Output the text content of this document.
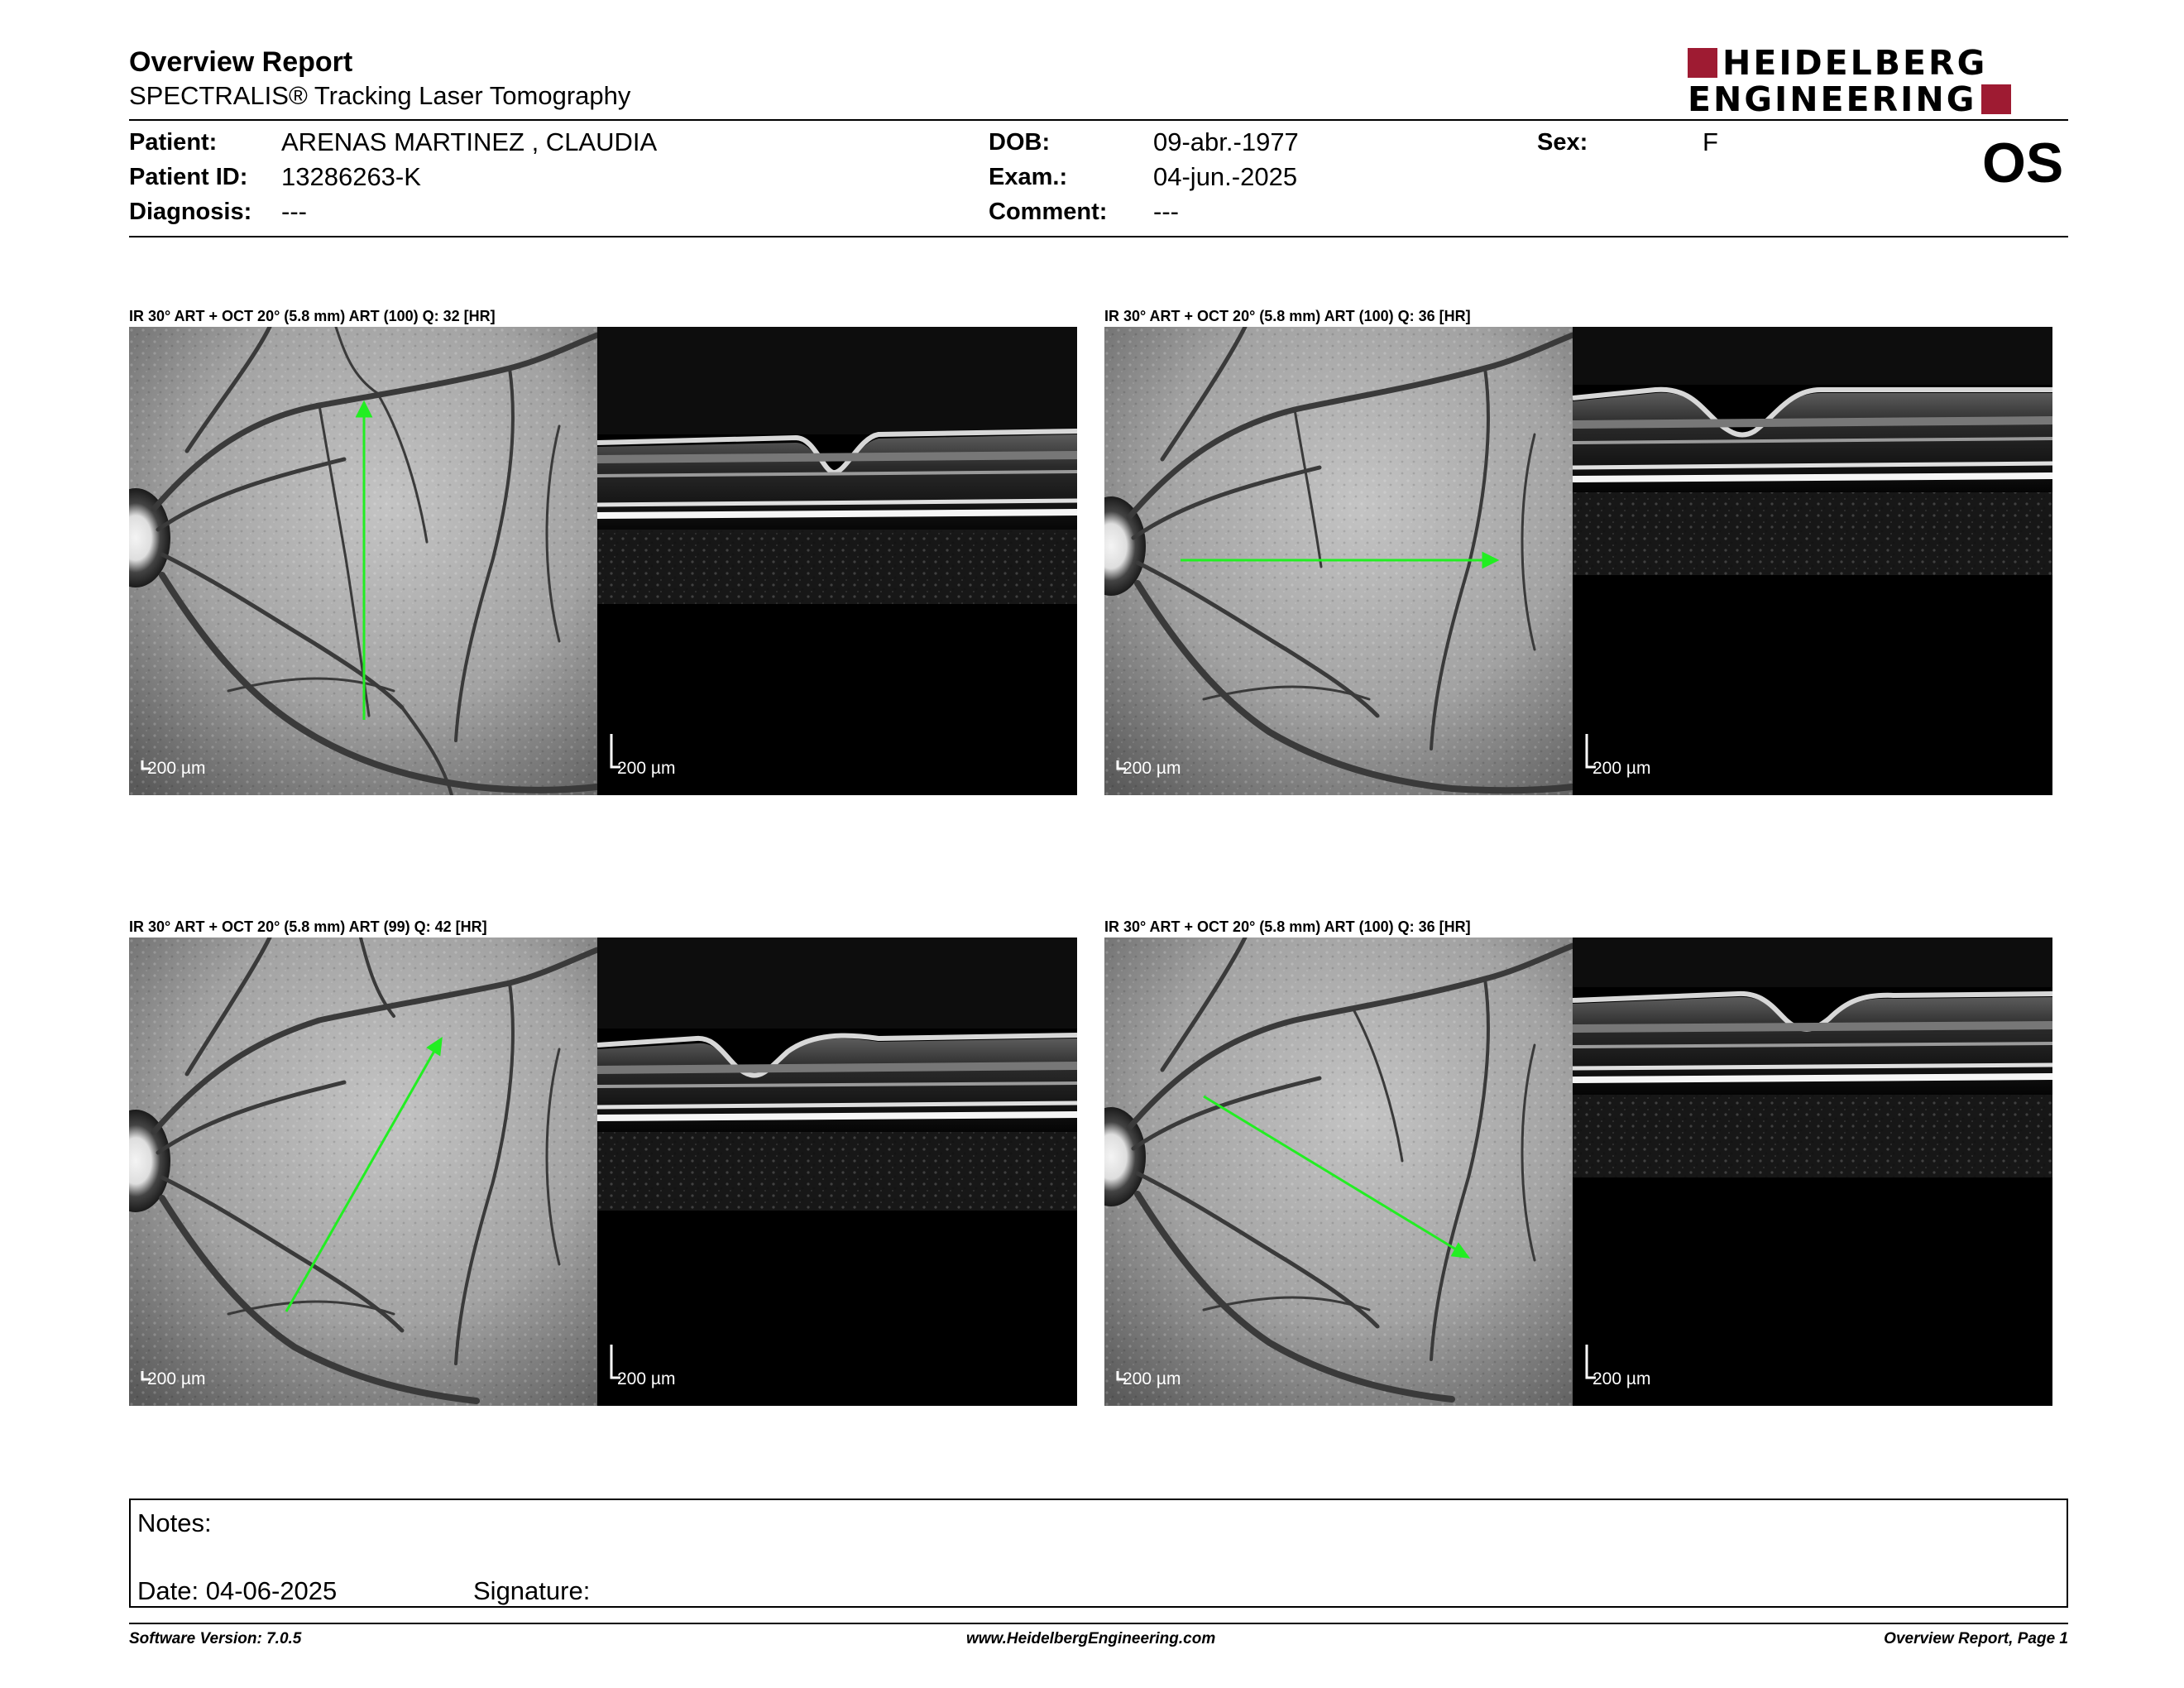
Overview Report
SPECTRALIS® Tracking Laser Tomography
HEIDELBERG
ENGINEERING
Patient:	ARENAS MARTINEZ , CLAUDIA
Patient ID: 13286263-K
Diagnosis: ---
DOB:	09-abr.-1977
Exam.:	04-jun.-2025
Comment: ---
Sex:	F	OS
IR 30° ART + OCT 20° (5.8 mm) ART (100) Q: 32 [HR]
200 µm	200 µm
IR 30° ART + OCT 20° (5.8 mm) ART (100) Q: 36 [HR]
200 µm	200 µm
IR 30° ART + OCT 20° (5.8 mm) ART (99) Q: 42 [HR]
200 µm	200 µm
IR 30° ART + OCT 20° (5.8 mm) ART (100) Q: 36 [HR]
200 µm	200 µm
Notes:
Date: 04-06-2025	Signature:
Software Version: 7.0.5	www.HeidelbergEngineering.com	Overview Report, Page 1
